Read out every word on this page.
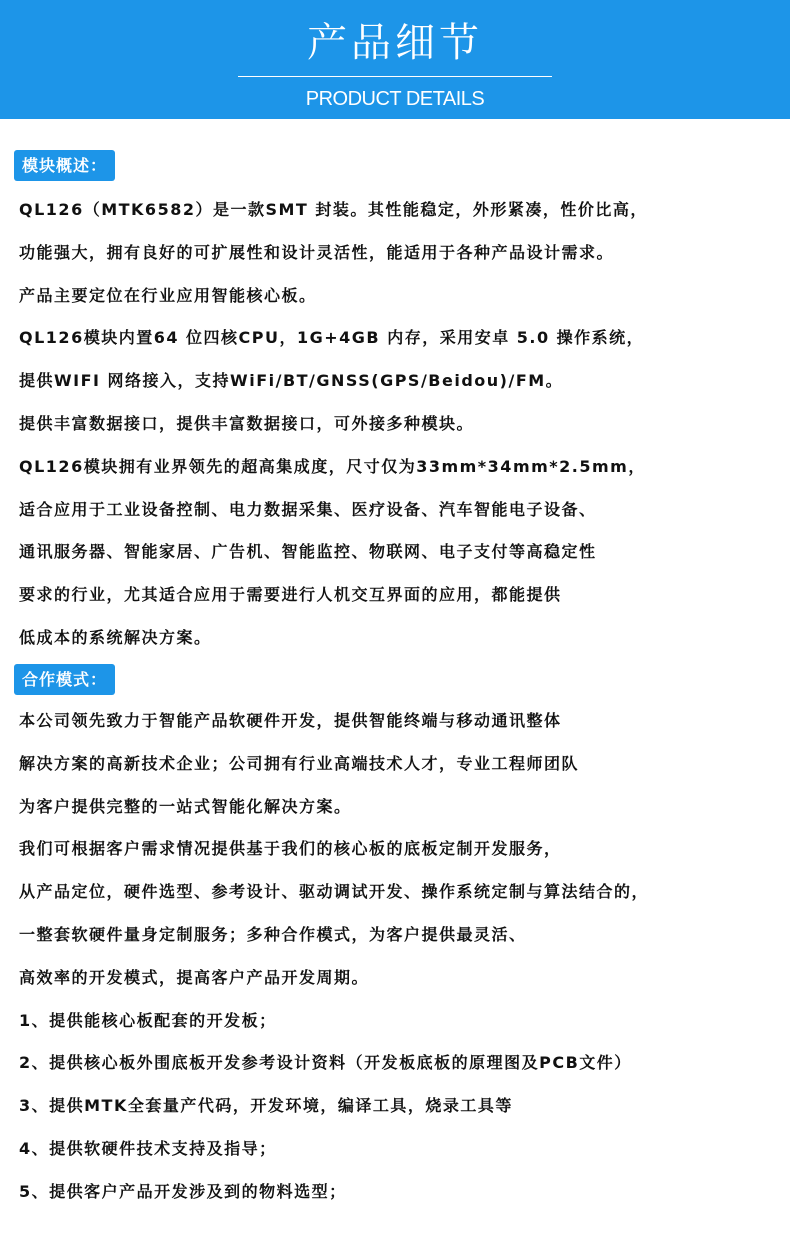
产品细节
PRODUCT DETAILS
模块概述：
QL126（MTK6582）是一款SMT 封装。其性能稳定，外形紧凑，性价比高，
功能强大，拥有良好的可扩展性和设计灵活性，能适用于各种产品设计需求。
产品主要定位在行业应用智能核心板。
QL126模块内置64 位四核CPU，1G+4GB 内存，采用安卓 5.0 操作系统，
提供WIFI 网络接入，支持WiFi/BT/GNSS(GPS/Beidou)/FM。
提供丰富数据接口，提供丰富数据接口，可外接多种模块。
QL126模块拥有业界领先的超高集成度，尺寸仅为33mm*34mm*2.5mm，
适合应用于工业设备控制、电力数据采集、医疗设备、汽车智能电子设备、
通讯服务器、智能家居、广告机、智能监控、物联网、电子支付等高稳定性
要求的行业，尤其适合应用于需要进行人机交互界面的应用，都能提供
低成本的系统解决方案。
合作模式：
本公司领先致力于智能产品软硬件开发，提供智能终端与移动通讯整体
解决方案的高新技术企业；公司拥有行业高端技术人才，专业工程师团队
为客户提供完整的一站式智能化解决方案。
我们可根据客户需求情况提供基于我们的核心板的底板定制开发服务，
从产品定位，硬件选型、参考设计、驱动调试开发、操作系统定制与算法结合的，
一整套软硬件量身定制服务；多种合作模式，为客户提供最灵活、
高效率的开发模式，提高客户产品开发周期。
1、提供能核心板配套的开发板；
2、提供核心板外围底板开发参考设计资料（开发板底板的原理图及PCB文件）
3、提供MTK全套量产代码，开发环境，编译工具，烧录工具等
4、提供软硬件技术支持及指导；
5、提供客户产品开发涉及到的物料选型；
